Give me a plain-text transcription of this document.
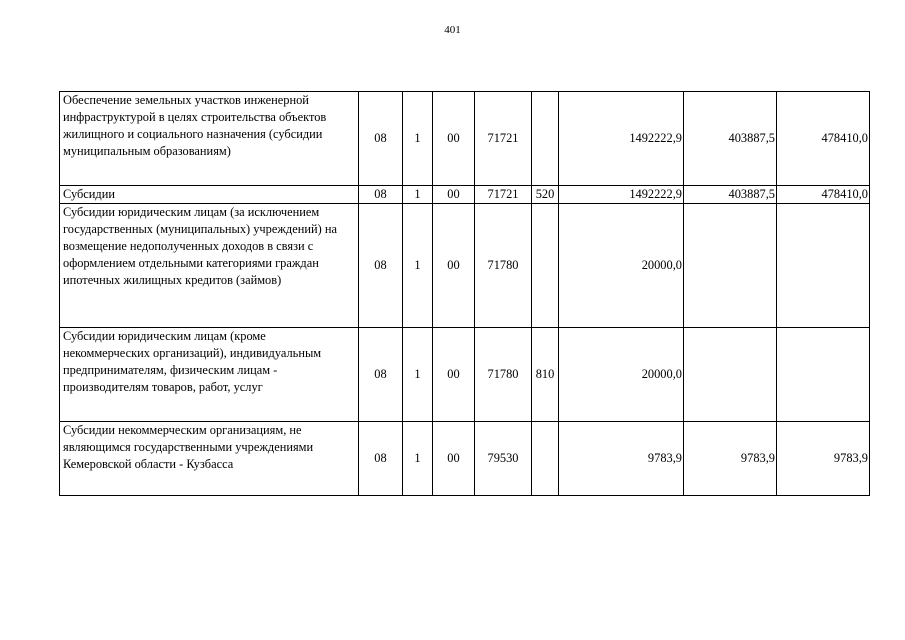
401
Обеспечение земельных участков инженерной инфраструктурой в целях строительства объектов жилищного и социального назначения (субсидии муниципальным образованиям)	08	1	00	71721		1492222,9	403887,5	478410,0
Субсидии	08	1	00	71721	520	1492222,9	403887,5	478410,0
Субсидии юридическим лицам (за исключением государственных (муниципальных) учреждений) на возмещение недополученных доходов в связи с оформлением отдельными категориями граждан ипотечных жилищных кредитов (займов)	08	1	00	71780		20000,0		
Субсидии юридическим лицам (кроме некоммерческих организаций), индивидуальным предпринимателям, физическим лицам - производителям товаров, работ, услуг	08	1	00	71780	810	20000,0		
Субсидии некоммерческим организациям, не являющимся государственными учреждениями Кемеровской области - Кузбасса	08	1	00	79530		9783,9	9783,9	9783,9
